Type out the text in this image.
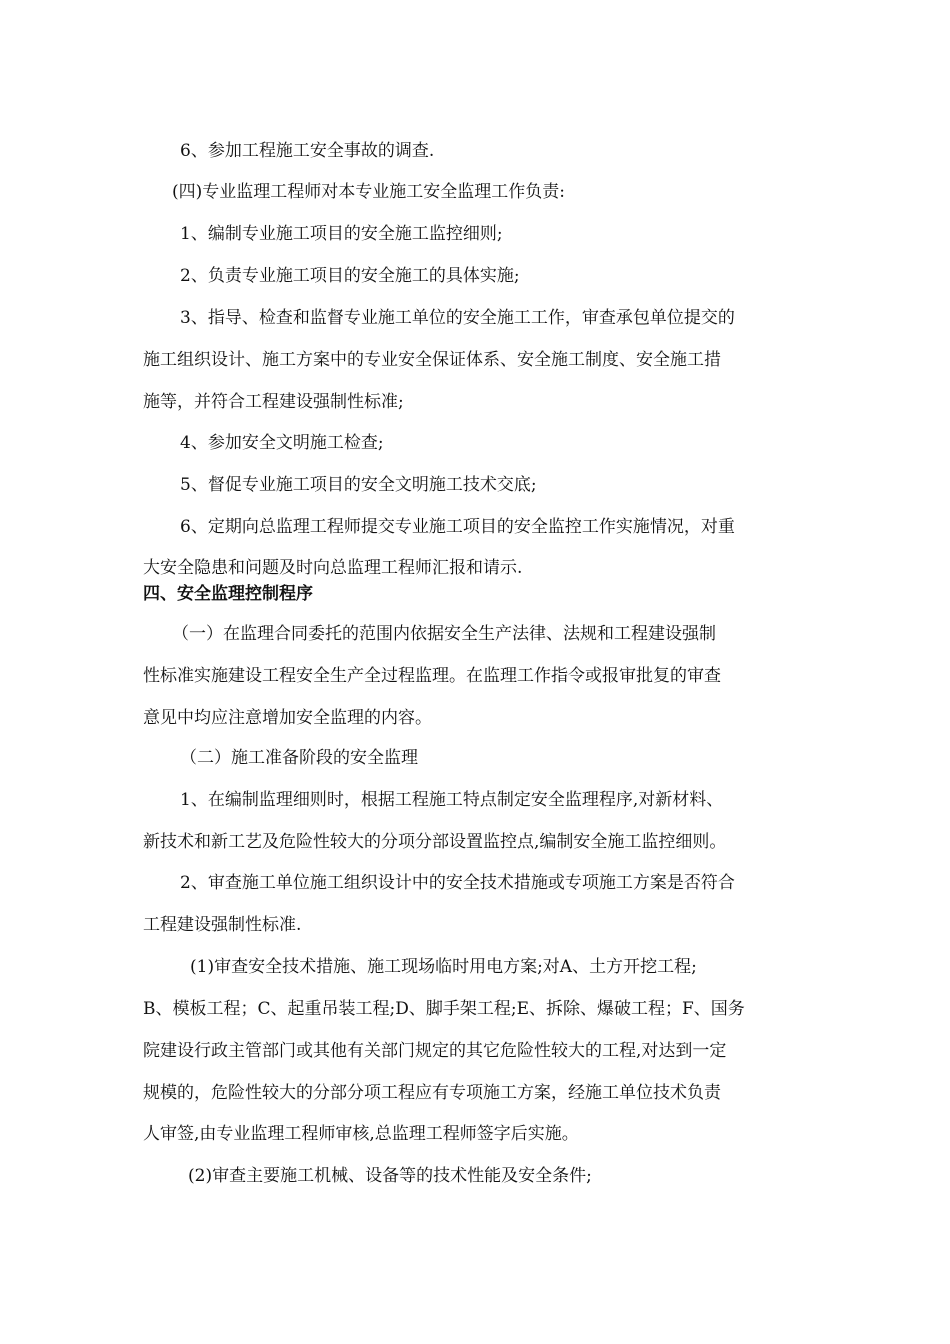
6、参加工程施工安全事故的调查.
(四)专业监理工程师对本专业施工安全监理工作负责:
1、编制专业施工项目的安全施工监控细则;
2、负责专业施工项目的安全施工的具体实施;
3、指导、检查和监督专业施工单位的安全施工工作，审查承包单位提交的
施工组织设计、施工方案中的专业安全保证体系、安全施工制度、安全施工措
施等，并符合工程建设强制性标准;
4、参加安全文明施工检查;
5、督促专业施工项目的安全文明施工技术交底;
6、定期向总监理工程师提交专业施工项目的安全监控工作实施情况，对重
大安全隐患和问题及时向总监理工程师汇报和请示.
四、安全监理控制程序
（一）在监理合同委托的范围内依据安全生产法律、法规和工程建设强制
性标准实施建设工程安全生产全过程监理。在监理工作指令或报审批复的审查
意见中均应注意增加安全监理的内容。
（二）施工准备阶段的安全监理
1、在编制监理细则时，根据工程施工特点制定安全监理程序,对新材料、
新技术和新工艺及危险性较大的分项分部设置监控点,编制安全施工监控细则。
2、审查施工单位施工组织设计中的安全技术措施或专项施工方案是否符合
工程建设强制性标准.
(1)审查安全技术措施、施工现场临时用电方案;对A、土方开挖工程;
B、模板工程；C、起重吊装工程;D、脚手架工程;E、拆除、爆破工程；F、国务
院建设行政主管部门或其他有关部门规定的其它危险性较大的工程,对达到一定
规模的，危险性较大的分部分项工程应有专项施工方案，经施工单位技术负责
人审签,由专业监理工程师审核,总监理工程师签字后实施。
(2)审查主要施工机械、设备等的技术性能及安全条件;
